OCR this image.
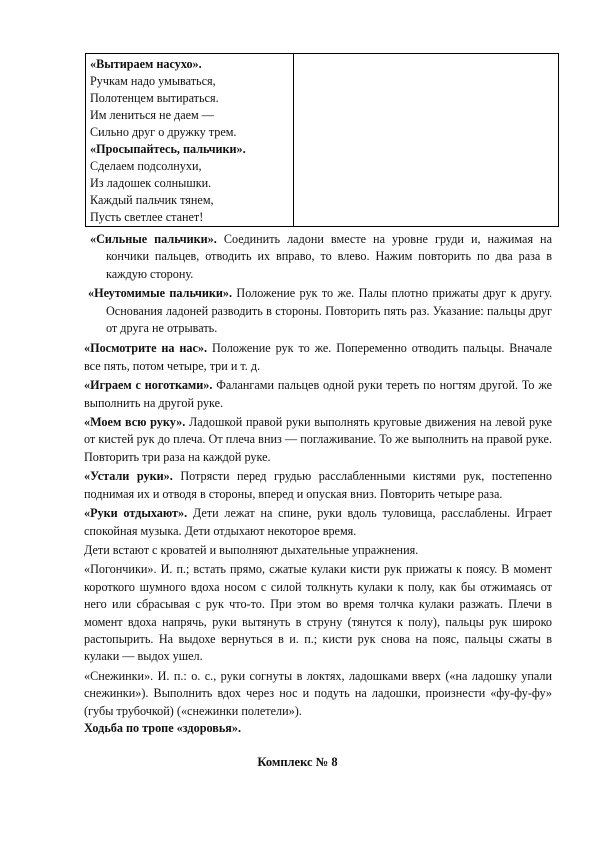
«Вытираем насухо».
Ручкам надо умываться,
Полотенцем вытираться.
Им лениться не даем —
Сильно друг о дружку трем.
«Просыпайтесь, пальчики».
Сделаем подсолнухи,
Из ладошек солнышки.
Каждый пальчик тянем,
Пусть светлее станет!

«Сильные пальчики». Соединить ладони вместе на уровне груди и, нажимая на кончики пальцев, отводить их вправо, то влево. Нажим повторить по два раза в каждую сторону.

«Неутомимые пальчики». Положение рук то же. Палы плотно прижаты друг к другу. Основания ладоней разводить в стороны. Повторить пять раз. Указание: пальцы друг от друга не отрывать.

«Посмотрите на нас». Положение рук то же. Попеременно отводить пальцы. Вначале все пять, потом четыре, три и т. д.

«Играем с ноготками». Фалангами пальцев одной руки тереть по ногтям другой. То же выполнить на другой руке.

«Моем всю руку». Ладошкой правой руки выполнять круговые движения на левой руке от кистей рук до плеча. От плеча вниз — поглаживание. То же выполнить на правой руке. Повторить три раза на каждой руке.

«Устали руки». Потрясти перед грудью расслабленными кистями рук, постепенно поднимая их и отводя в стороны, вперед и опуская вниз. Повторить четыре раза.

«Руки отдыхают». Дети лежат на спине, руки вдоль туловища, расслаблены. Играет спокойная музыка. Дети отдыхают некоторое время.

Дети встают с кроватей и выполняют дыхательные упражнения.

«Погончики». И. п.; встать прямо, сжатые кулаки кисти рук прижаты к поясу. В момент короткого шумного вдоха носом с силой толкнуть кулаки к полу, как бы отжимаясь от него или сбрасывая с рук что-то. При этом во время толчка кулаки разжать. Плечи в момент вдоха напрячь, руки вытянуть в струну (тянутся к полу), пальцы рук широко растопырить. На выдохе вернуться в и. п.; кисти рук снова на пояс, пальцы сжаты в кулаки — выдох ушел.

«Снежинки». И. п.: о. с., руки согнуты в локтях, ладошками вверх («на ладошку упали снежинки»). Выполнить вдох через нос и подуть на ладошки, произнести «фу-фу-фу» (губы трубочкой) («снежинки полетели»).

Ходьба по тропе «здоровья».

Комплекс № 8
